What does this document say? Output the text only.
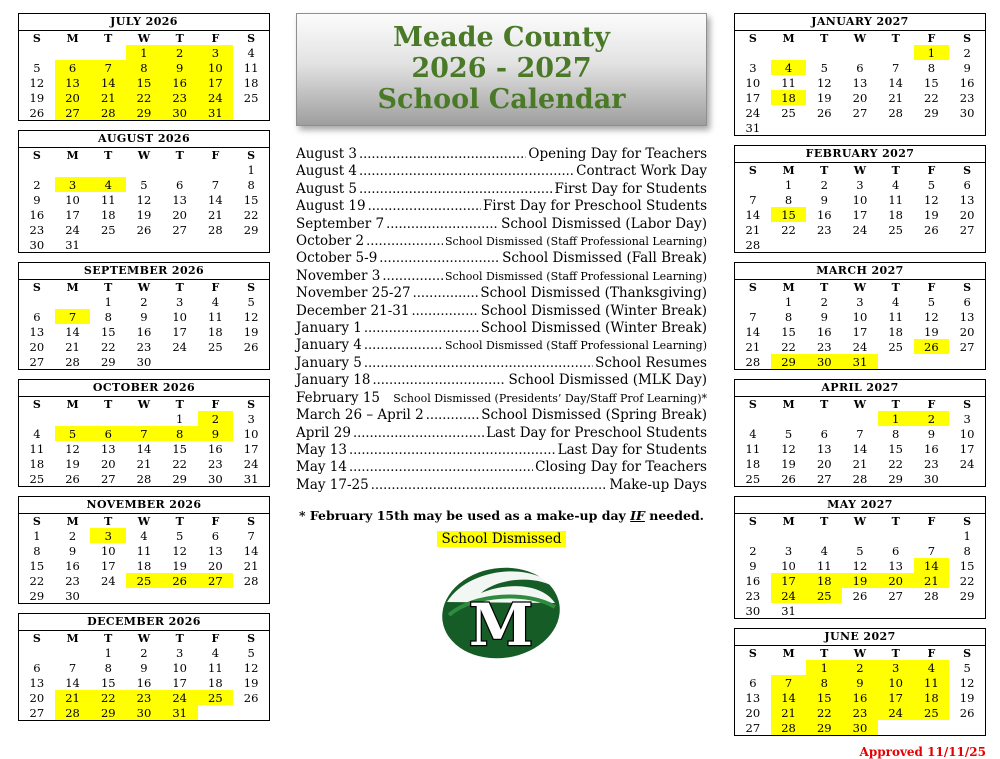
JULY 2026
S	M	T	W	T	F	S
			1	2	3	4
5	6	7	8	9	10	11
12	13	14	15	16	17	18
19	20	21	22	23	24	25
26	27	28	29	30	31	
AUGUST 2026
S	M	T	W	T	F	S
						1
2	3	4	5	6	7	8
9	10	11	12	13	14	15
16	17	18	19	20	21	22
23	24	25	26	27	28	29
30	31					
SEPTEMBER 2026
S	M	T	W	T	F	S
		1	2	3	4	5
6	7	8	9	10	11	12
13	14	15	16	17	18	19
20	21	22	23	24	25	26
27	28	29	30			
OCTOBER 2026
S	M	T	W	T	F	S
				1	2	3
4	5	6	7	8	9	10
11	12	13	14	15	16	17
18	19	20	21	22	23	24
25	26	27	28	29	30	31
NOVEMBER 2026
S	M	T	W	T	F	S
1	2	3	4	5	6	7
8	9	10	11	12	13	14
15	16	17	18	19	20	21
22	23	24	25	26	27	28
29	30					
DECEMBER 2026
S	M	T	W	T	F	S
		1	2	3	4	5
6	7	8	9	10	11	12
13	14	15	16	17	18	19
20	21	22	23	24	25	26
27	28	29	30	31		
Meade County
2026 - 2027
School Calendar
August 3 .....	Opening Day for Teachers
August 4 .....	Contract Work Day
August 5 .....	First Day for Students
August 19 .....	First Day for Preschool Students
September 7 .....	School Dismissed (Labor Day)
October 2 .....	School Dismissed (Staff Professional Learning)
October 5-9 .....	School Dismissed (Fall Break)
November 3 .....	School Dismissed (Staff Professional Learning)
November 25-27 .....	School Dismissed (Thanksgiving)
December 21-31 .....	School Dismissed (Winter Break)
January 1 .....	School Dismissed (Winter Break)
January 4 .....	School Dismissed (Staff Professional Learning)
January 5 .....	School Resumes
January 18 .....	School Dismissed (MLK Day)
February 15 School Dismissed (Presidents’ Day/Staff Prof Learning)*
March 26 – April 2 .....	School Dismissed (Spring Break)
April 29 .....	Last Day for Preschool Students
May 13 .....	Last Day for Students
May 14 .....	Closing Day for Teachers
May 17-25 .....	Make-up Days
* February 15th may be used as a make-up day IF needed.
School Dismissed
M
JANUARY 2027
S	M	T	W	T	F	S
					1	2
3	4	5	6	7	8	9
10	11	12	13	14	15	16
17	18	19	20	21	22	23
24	25	26	27	28	29	30
31						
FEBRUARY 2027
S	M	T	W	T	F	S
	1	2	3	4	5	6
7	8	9	10	11	12	13
14	15	16	17	18	19	20
21	22	23	24	25	26	27
28						
MARCH 2027
S	M	T	W	T	F	S
	1	2	3	4	5	6
7	8	9	10	11	12	13
14	15	16	17	18	19	20
21	22	23	24	25	26	27
28	29	30	31			
APRIL 2027
S	M	T	W	T	F	S
				1	2	3
4	5	6	7	8	9	10
11	12	13	14	15	16	17
18	19	20	21	22	23	24
25	26	27	28	29	30	
MAY 2027
S	M	T	W	T	F	S
						1
2	3	4	5	6	7	8
9	10	11	12	13	14	15
16	17	18	19	20	21	22
23	24	25	26	27	28	29
30	31					
JUNE 2027
S	M	T	W	T	F	S
		1	2	3	4	5
6	7	8	9	10	11	12
13	14	15	16	17	18	19
20	21	22	23	24	25	26
27	28	29	30			
Approved 11/11/25
